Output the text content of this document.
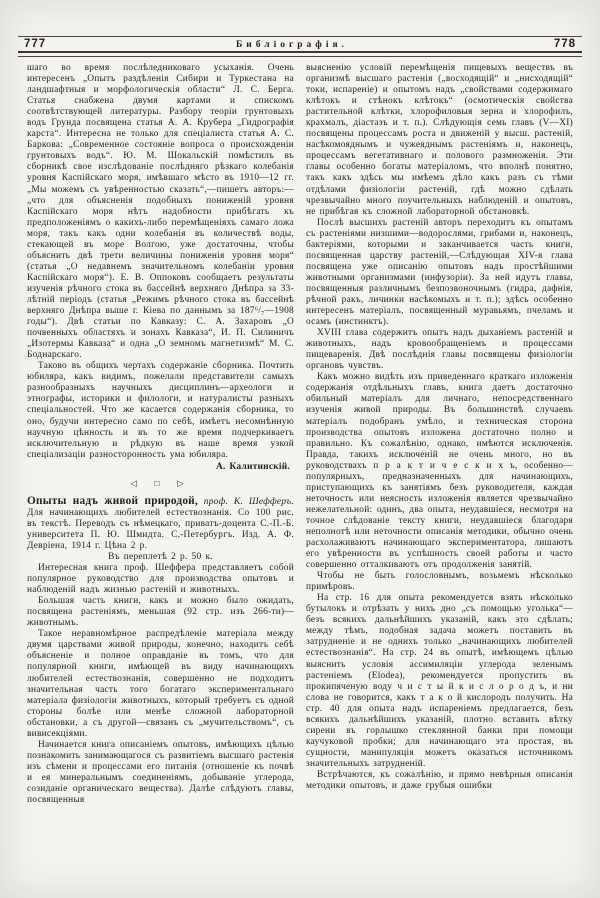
777	Библіографія.	778

шаго во время послѣледниковаго усыханія. Очень интересенъ „Опытъ раздѣленія Сибири и Туркестана на ландшафтныя и морфологическія области“ Л. С. Берга. Статья снабжена двумя картами и спискомъ соотвѣтствующей литературы. Разбору теоріи грунтовыхъ водъ Грунда посвящена статья А. А. Крубера „Гидрографія карста“. Интересна не только для спеціалиста статья А. С. Баркова: „Современное состояніе вопроса о происхожденіи грунтовыхъ водъ“. Ю. М. Шокальскій помѣстилъ въ сборникѣ свое изслѣдованіе послѣдняго рѣзкаго колебанія уровня Каспійскаго моря, имѣвшаго мѣсто въ 1910—12 гг. „Мы можемъ съ увѣренностью сказать“,—пишетъ авторъ:—„что для объясненія подобныхъ пониженій уровня Каспійскаго моря нѣтъ надобности прибѣгать къ предположеніямъ о какихъ-либо перемѣщеніяхъ самаго ложа моря, такъ какъ одни колебанія въ количествѣ воды, стекающей въ море Волгою, уже достаточны, чтобы объяснить двѣ трети величины пониженія уровня моря“ (статья „О недавнемъ значительномъ колебаніи уровня Каспійскаго моря“). Е. В. Оппоковъ сообщаетъ результаты изученія рѣчного стока въ бассейнѣ верхняго Днѣпра за 33-лѣтній періодъ (статья „Режимъ рѣчного стока въ бассейнѣ верхняго Днѣпра выше г. Кіева по даннымъ за 187⁶/₇—1908 годы“). Двѣ статьи по Кавказу: С. А. Захаровъ „О почвенныхъ областяхъ и зонахъ Кавказа“, И. П. Силиничъ „Изотермы Кавказа“ и одна „О земномъ магнетизмѣ“ М. С. Боднарскаго.

Таково въ общихъ чертахъ содержаніе сборника. Почтить юбиляра, какъ видимъ, пожелали представители самыхъ разнообразныхъ научныхъ дисциплинъ—археологи и этнографы, историки и филологи, и натуралисты разныхъ спеціальностей. Что же касается содержанія сборника, то оно, будучи интересно само по себѣ, имѣетъ несомнѣнную научную цѣнность и въ то же время подчеркиваетъ исключительную и рѣдкую въ наше время узкой спеціализаціи разносторонность ума юбиляра.

А. Калитинскій.
◁ □ ▷

Опыты надъ живой природой, проф. К. Шефферъ. Для начинающихъ любителей естествознанія. Со 100 рис. въ текстѣ. Переводъ съ нѣмецкаго, приватъ-доцента С.-П.-Б. университета П. Ю. Шмидта. С.-Петербургъ. Изд. А. Ф. Девріена, 1914 г. Цѣна 2 р.

Въ переплетѣ 2 р. 50 к.

Интересная книга проф. Шеффера представляетъ собой популярное руководство для производства опытовъ и наблюденій надъ жизнью растеній и животныхъ.

Большая часть книги, какъ и можно было ожидать, посвящена растеніямъ, меньшая (92 стр. изъ 266-ти)—животнымъ.

Такое неравномѣрное распредѣленіе матеріала между двумя царствами живой природы, конечно, находитъ себѣ объясненіе и полное оправданіе въ томъ, что для популярной книги, имѣющей въ виду начинающихъ любителей естествознанія, совершенно не подходитъ значительная часть того богатаго экспериментальнаго матеріала физіологіи животныхъ, который требуетъ съ одной стороны болѣе или менѣе сложной лабораторной обстановки, а съ другой—связанъ съ „мучительствомъ“, съ вивисекціями.

Начинается книга описаніемъ опытовъ, имѣющихъ цѣлью познакомить занимающагося съ развитіемъ высшаго растенія изъ сѣмени и процессами его питанія (отношеніе къ почвѣ и ея минеральнымъ соединеніямъ, добываніе углерода, созиданіе органическаго вещества). Далѣе слѣдуютъ главы, посвященныя

выясненію условій перемѣщенія пищевыхъ веществъ въ организмѣ высшаго растенія („восходящій“ и „нисходящій“ токи, испареніе) и опытомъ надъ „свойствами содержимаго клѣтокъ и стѣнокъ клѣтокъ“ (осмотическія свойства растительной клѣтки, хлорофиловыя зерна и хлорофилъ, крахмалъ, діастазъ и т. п.). Слѣдующія семь главъ (V—XI) посвящены процессамъ роста и движеній у высш. растеній, насѣкомояднымъ и чужеяднымъ растеніямъ и, наконецъ, процессамъ вегетативнаго и полового размноженія. Эти главы особенно богаты матеріаломъ, что вполнѣ понятно, такъ какъ здѣсь мы имѣемъ дѣло какъ разъ съ тѣми отдѣлами физіологіи растеній, гдѣ можно сдѣлать чрезвычайно много поучительныхъ наблюденій и опытовъ, не прибѣгая къ сложной лабораторной обстановкѣ.

Послѣ высшихъ растеній авторъ переходитъ къ опытамъ съ растеніями низшими—водорослями, грибами и, наконецъ, бактеріями, которыми и заканчивается часть книги, посвященная царству растеній,—Слѣдующая XIV-я глава посвящена уже описанію опытовъ надъ простѣйшими животными организмами (инфузоріи). За ней идутъ главы, посвященныя различнымъ безпозвоночнымъ (гидра, дафнія, рѣчной ракъ, личинки насѣкомыхъ и т. п.); здѣсь особенно интересенъ матеріалъ, посвященный муравьямъ, пчеламъ и осамъ (инстинктъ).

XVIII глава содержитъ опытъ надъ дыханіемъ растеній и животныхъ, надъ кровообращеніемъ и процессами пищеваренія. Двѣ послѣднія главы посвящены физіологіи органовъ чувствъ.

Какъ можно видѣть изъ приведеннаго краткаго изложенія содержанія отдѣльныхъ главъ, книга даетъ достаточно обильный матеріалъ для личнаго, непосредственнаго изученія живой природы. Въ большинствѣ случаевъ матеріалъ подобранъ умѣло, и техническая сторона производства опытовъ изложена достаточно полно и правильно. Къ сожалѣнію, однако, имѣются исключенія. Правда, такихъ исключеній не очень много, но въ руководствахъ п р а к т и ч е с к и х ъ, особенно—популярныхъ, предназначенныхъ для начинающихъ, приступающихъ къ занятіямъ безъ руководителя, каждая неточность или неясность изложенія является чрезвычайно нежелательной: одинъ, два опыта, неудавшіеся, несмотря на точное слѣдованіе тексту книги, неудавшіеся благодаря неполнотѣ или неточности описанія методики, обычно очень расхолаживаютъ начинающаго экспериментатора, лишаютъ его увѣренности въ успѣшность своей работы и часто совершенно отталкиваютъ отъ продолженія занятій.

Чтобы не быть голословнымъ, возьмемъ нѣсколько примѣровъ.

На стр. 16 для опыта рекомендуется взять нѣсколько бутылокъ и отрѣзать у нихъ дно „съ помощью уголька“—безъ всякихъ дальнѣйшихъ указаній, какъ это сдѣлать; между тѣмъ, подобная задача можетъ поставить въ затрудненіе и не однихъ только „начинающихъ любителей естествознанія“. На стр. 24 въ опытѣ, имѣющемъ цѣлью выяснить условія ассимиляціи углерода зеленымъ растеніемъ (Elodea), рекомендуется пропустить въ прокипяченую воду ч и с т ы й к и с л о р о д ъ, и ни слова не говорится, какъ т а к о й кислородъ получить. На стр. 40 для опыта надъ испареніемъ предлагается, безъ всякихъ дальнѣйшихъ указаній, плотно вставить вѣтку сирени въ горлышко стеклянной банки при помощи каучуковой пробки; для начинающаго эта простая, въ сущности, манипуляція можетъ оказаться источникомъ значительныхъ затрудненій.

Встрѣчаются, къ сожалѣнію, и прямо невѣрныя описанія методики опытовъ, и даже грубыя ошибки
